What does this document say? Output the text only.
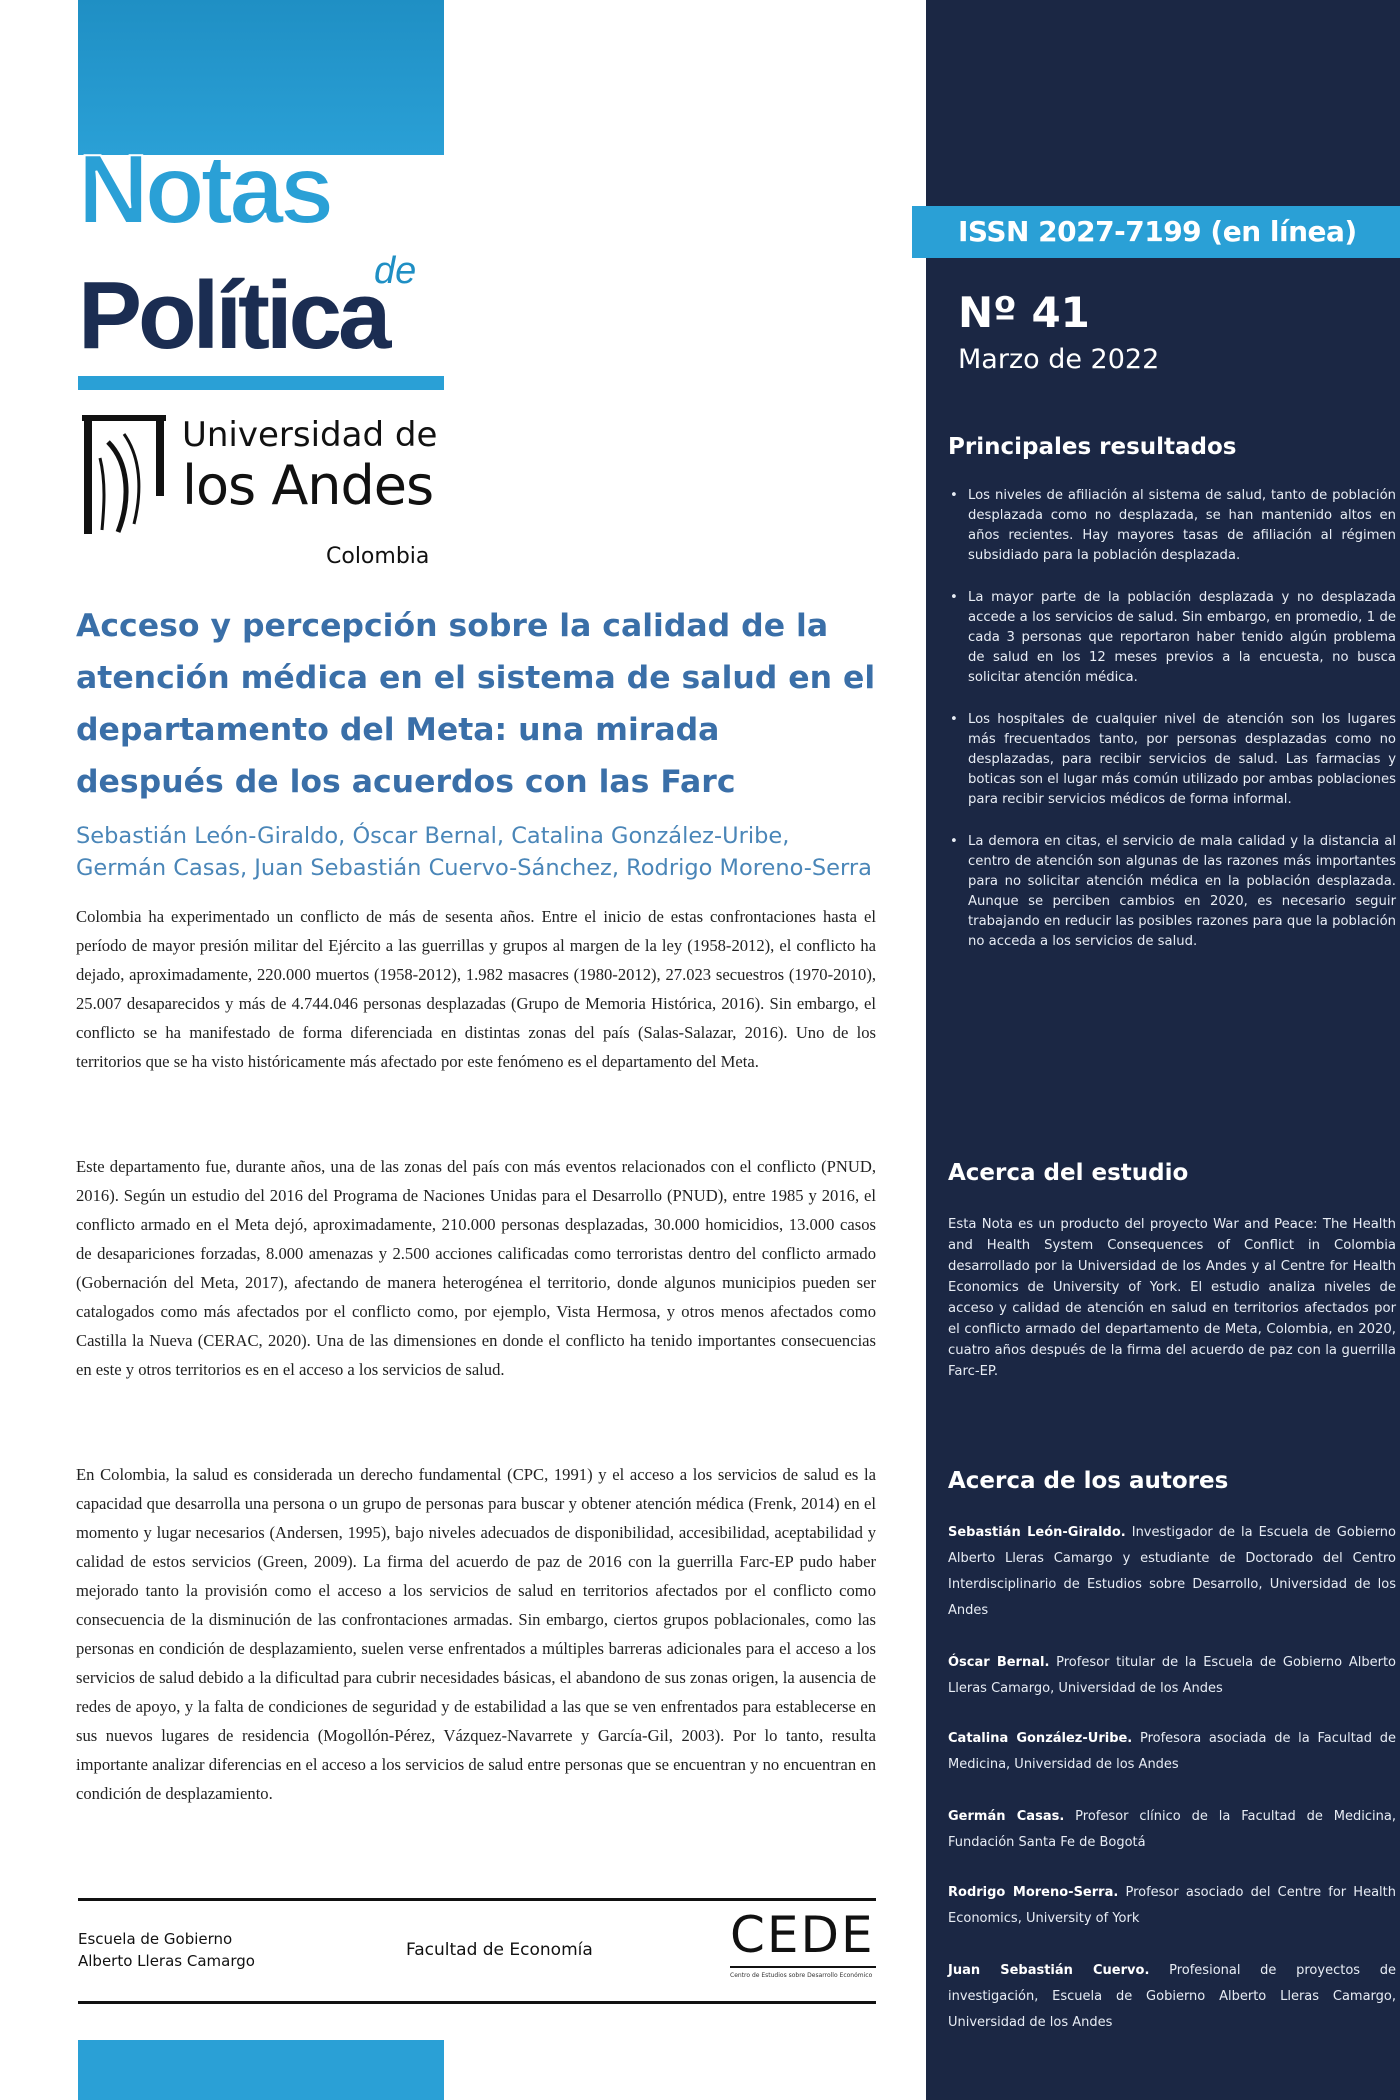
Notas
Política
de
Universidad de
los Andes
Colombia
Acceso y percepción sobre la calidad de la atención médica en el sistema de salud en el departamento del Meta: una mirada después de los acuerdos con las Farc

Sebastián León-Giraldo, Óscar Bernal, Catalina González-Uribe, Germán Casas, Juan Sebastián Cuervo-Sánchez, Rodrigo Moreno-Serra

Colombia ha experimentado un conflicto de más de sesenta años. Entre el inicio de estas confrontaciones hasta el período de mayor presión militar del Ejército a las guerrillas y grupos al margen de la ley (1958-2012), el conflicto ha dejado, aproximadamente, 220.000 muertos (1958-2012), 1.982 masacres (1980-2012), 27.023 secuestros (1970-2010), 25.007 desaparecidos y más de 4.744.046 personas desplazadas (Grupo de Memoria Histórica, 2016). Sin embargo, el conflicto se ha manifestado de forma diferenciada en distintas zonas del país (Salas-Salazar, 2016). Uno de los territorios que se ha visto históricamente más afectado por este fenómeno es el departamento del Meta.

Este departamento fue, durante años, una de las zonas del país con más eventos relacionados con el conflicto (PNUD, 2016). Según un estudio del 2016 del Programa de Naciones Unidas para el Desarrollo (PNUD), entre 1985 y 2016, el conflicto armado en el Meta dejó, aproximadamente, 210.000 personas desplazadas, 30.000 homicidios, 13.000 casos de desapariciones forzadas, 8.000 amenazas y 2.500 acciones calificadas como terroristas dentro del conflicto armado (Gobernación del Meta, 2017), afectando de manera heterogénea el territorio, donde algunos municipios pueden ser catalogados como más afectados por el conflicto como, por ejemplo, Vista Hermosa, y otros menos afectados como Castilla la Nueva (CERAC, 2020). Una de las dimensiones en donde el conflicto ha tenido importantes consecuencias en este y otros territorios es en el acceso a los servicios de salud.

En Colombia, la salud es considerada un derecho fundamental (CPC, 1991) y el acceso a los servicios de salud es la capacidad que desarrolla una persona o un grupo de personas para buscar y obtener atención médica (Frenk, 2014) en el momento y lugar necesarios (Andersen, 1995), bajo niveles adecuados de disponibilidad, accesibilidad, aceptabilidad y calidad de estos servicios (Green, 2009). La firma del acuerdo de paz de 2016 con la guerrilla Farc-EP pudo haber mejorado tanto la provisión como el acceso a los servicios de salud en territorios afectados por el conflicto como consecuencia de la disminución de las confrontaciones armadas. Sin embargo, ciertos grupos poblacionales, como las personas en condición de desplazamiento, suelen verse enfrentados a múltiples barreras adicionales para el acceso a los servicios de salud debido a la dificultad para cubrir necesidades básicas, el abandono de sus zonas origen, la ausencia de redes de apoyo, y la falta de condiciones de seguridad y de estabilidad a las que se ven enfrentados para establecerse en sus nuevos lugares de residencia (Mogollón-Pérez, Vázquez-Navarrete y García-Gil, 2003). Por lo tanto, resulta importante analizar diferencias en el acceso a los servicios de salud entre personas que se encuentran y no encuentran en condición de desplazamiento.

Escuela de Gobierno
Alberto Lleras Camargo
Facultad de Economía	CEDE
Centro de Estudios sobre Desarrollo Económico
ISSN 2027-7199 (en línea)
Nº 41
Marzo de 2022
Principales resultados
• Los niveles de afiliación al sistema de salud, tanto de población desplazada como no desplazada, se han mantenido altos en años recientes. Hay mayores tasas de afiliación al régimen subsidiado para la población desplazada.
• La mayor parte de la población desplazada y no desplazada accede a los servicios de salud. Sin embargo, en promedio, 1 de cada 3 personas que reportaron haber tenido algún problema de salud en los 12 meses previos a la encuesta, no busca solicitar atención médica.
• Los hospitales de cualquier nivel de atención son los lugares más frecuentados tanto, por personas desplazadas como no desplazadas, para recibir servicios de salud. Las farmacias y boticas son el lugar más común utilizado por ambas poblaciones para recibir servicios médicos de forma informal.
• La demora en citas, el servicio de mala calidad y la distancia al centro de atención son algunas de las razones más importantes para no solicitar atención médica en la población desplazada. Aunque se perciben cambios en 2020, es necesario seguir trabajando en reducir las posibles razones para que la población no acceda a los servicios de salud.
Acerca del estudio

Esta Nota es un producto del proyecto War and Peace: The Health and Health System Consequences of Conflict in Colombia desarrollado por la Universidad de los Andes y al Centre for Health Economics de University of York. El estudio analiza niveles de acceso y calidad de atención en salud en territorios afectados por el conflicto armado del departamento de Meta, Colombia, en 2020, cuatro años después de la firma del acuerdo de paz con la guerrilla Farc-EP.

Acerca de los autores

Sebastián León-Giraldo. Investigador de la Escuela de Gobierno Alberto Lleras Camargo y estudiante de Doctorado del Centro Interdisciplinario de Estudios sobre Desarrollo, Universidad de los Andes

Óscar Bernal. Profesor titular de la Escuela de Gobierno Alberto Lleras Camargo, Universidad de los Andes

Catalina González-Uribe. Profesora asociada de la Facultad de Medicina, Universidad de los Andes

Germán Casas. Profesor clínico de la Facultad de Medicina, Fundación Santa Fe de Bogotá

Rodrigo Moreno-Serra. Profesor asociado del Centre for Health Economics, University of York

Juan Sebastián Cuervo. Profesional de proyectos de investigación, Escuela de Gobierno Alberto Lleras Camargo, Universidad de los Andes
